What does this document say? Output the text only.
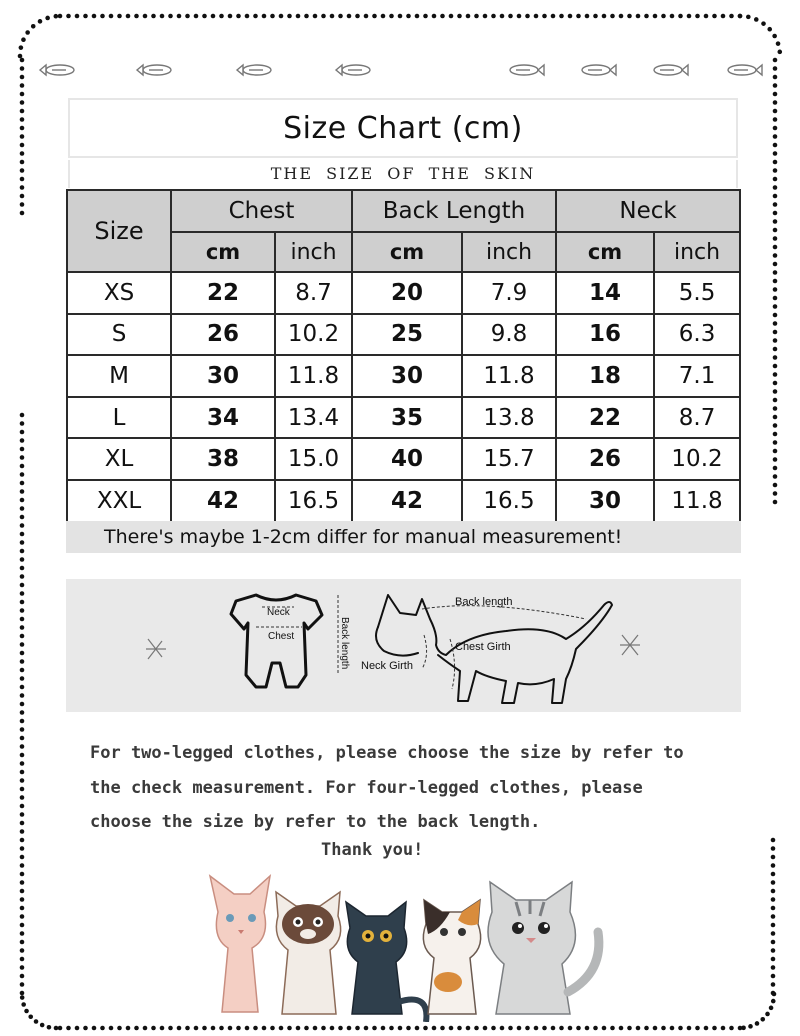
Size Chart (cm)
THE SIZE OF THE SKIN
Size	Chest		Back Length		Neck	
	cm	inch	cm	inch	cm	inch
XS	22	8.7	20	7.9	14	5.5
S	26	10.2	25	9.8	16	6.3
M	30	11.8	30	11.8	18	7.1
L	34	13.4	35	13.8	22	8.7
XL	38	15.0	40	15.7	26	10.2
XXL	42	16.5	42	16.5	30	11.8
There's maybe 1-2cm differ for manual measurement!
Neck
Chest	Back length
Back length
Chest Girth
Neck Girth
For two-legged clothes, please choose the size by refer to
the check measurement. For four-legged clothes, please
choose the size by refer to the back length.
Thank you!
